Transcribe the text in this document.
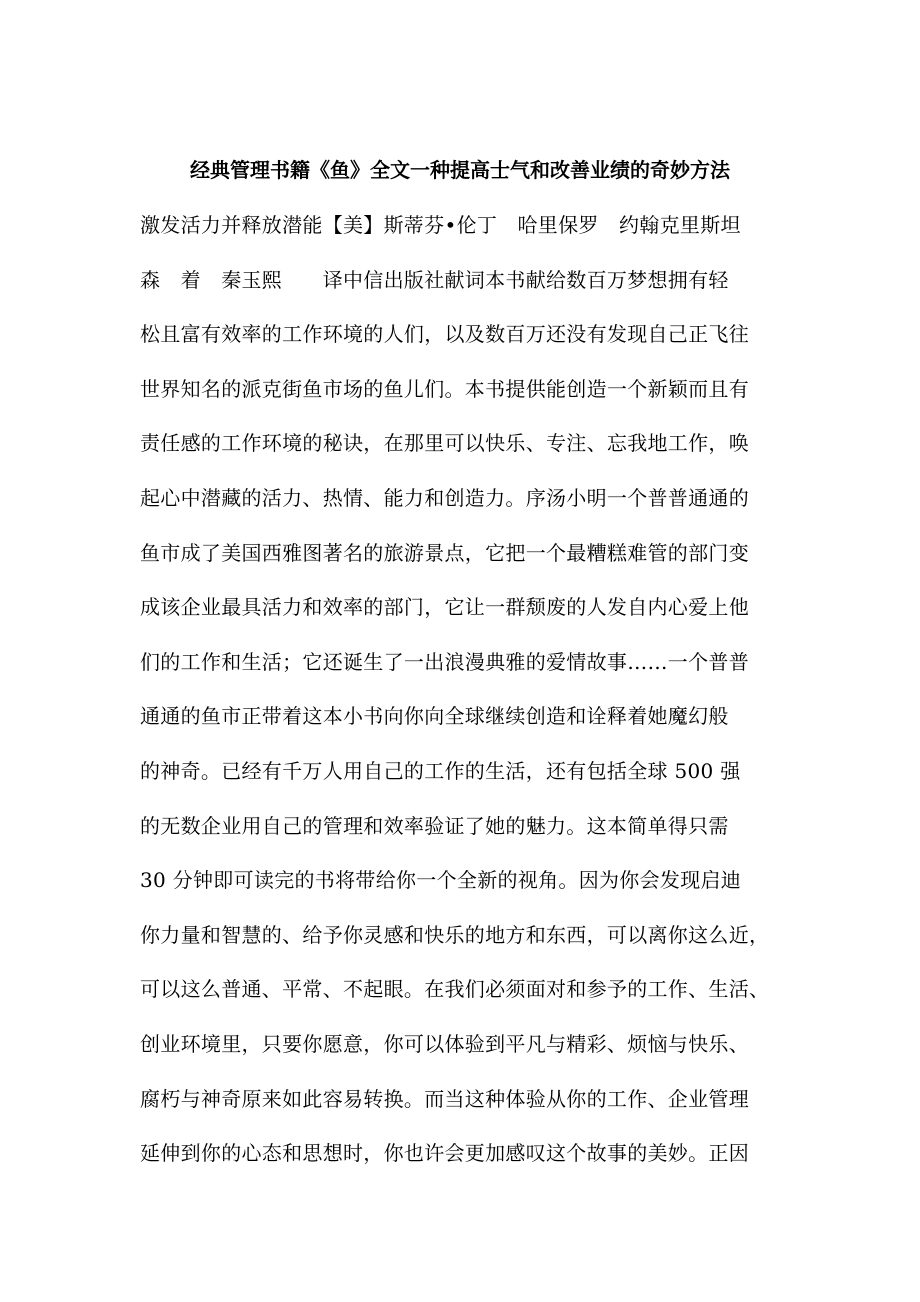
经典管理书籍《鱼》全文一种提高士气和改善业绩的奇妙方法
激发活力并释放潜能【美】斯蒂芬•伦丁　哈里保罗　约翰克里斯坦
森　着　秦玉熙　　译中信出版社献词本书献给数百万梦想拥有轻
松且富有效率的工作环境的人们，以及数百万还没有发现自己正飞往
世界知名的派克街鱼市场的鱼儿们。本书提供能创造一个新颖而且有
责任感的工作环境的秘诀，在那里可以快乐、专注、忘我地工作，唤
起心中潜藏的活力、热情、能力和创造力。序汤小明一个普普通通的
鱼市成了美国西雅图著名的旅游景点，它把一个最糟糕难管的部门变
成该企业最具活力和效率的部门，它让一群颓废的人发自内心爱上他
们的工作和生活；它还诞生了一出浪漫典雅的爱情故事……一个普普
通通的鱼市正带着这本小书向你向全球继续创造和诠释着她魔幻般
的神奇。已经有千万人用自己的工作的生活，还有包括全球 500 强
的无数企业用自己的管理和效率验证了她的魅力。这本简单得只需
30 分钟即可读完的书将带给你一个全新的视角。因为你会发现启迪
你力量和智慧的、给予你灵感和快乐的地方和东西，可以离你这么近，
可以这么普通、平常、不起眼。在我们必须面对和参予的工作、生活、
创业环境里，只要你愿意，你可以体验到平凡与精彩、烦恼与快乐、
腐朽与神奇原来如此容易转换。而当这种体验从你的工作、企业管理
延伸到你的心态和思想时，你也许会更加感叹这个故事的美妙。正因
